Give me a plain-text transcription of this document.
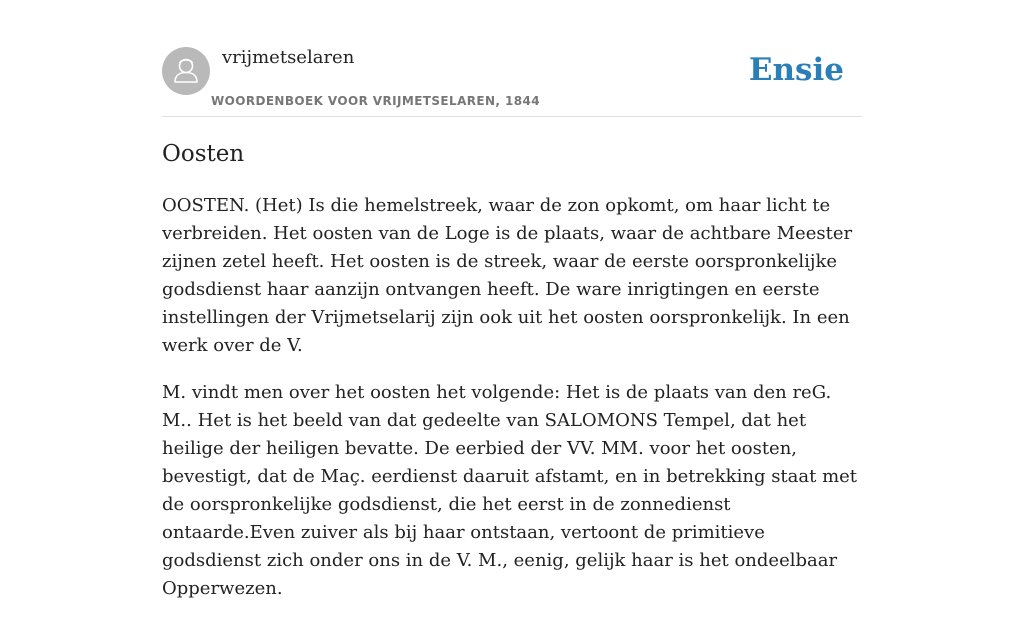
vrijmetselaren
WOORDENBOEK VOOR VRIJMETSELAREN, 1844
Ensie
Oosten

OOSTEN. (Het) Is die hemelstreek, waar de zon opkomt, om haar licht te verbreiden. Het oosten van de Loge is de plaats, waar de achtbare Meester zijnen zetel heeft. Het oosten is de streek, waar de eerste oorspronkelijke godsdienst haar aanzijn ontvangen heeft. De ware inrigtingen en eerste instellingen der Vrijmetselarij zijn ook uit het oosten oorspronkelijk. In een werk over de V.

M. vindt men over het oosten het volgende: Het is de plaats van den reG. M.. Het is het beeld van dat gedeelte van SALOMONS Tempel, dat het heilige der heiligen bevatte. De eerbied der VV. MM. voor het oosten, bevestigt, dat de Maç. eerdienst daaruit afstamt, en in betrekking staat met de oorspronkelijke godsdienst, die het eerst in de zonnedienst ontaarde.Even zuiver als bij haar ontstaan, vertoont de primitieve godsdienst zich onder ons in de V. M., eenig, gelijk haar is het ondeelbaar Opperwezen.
